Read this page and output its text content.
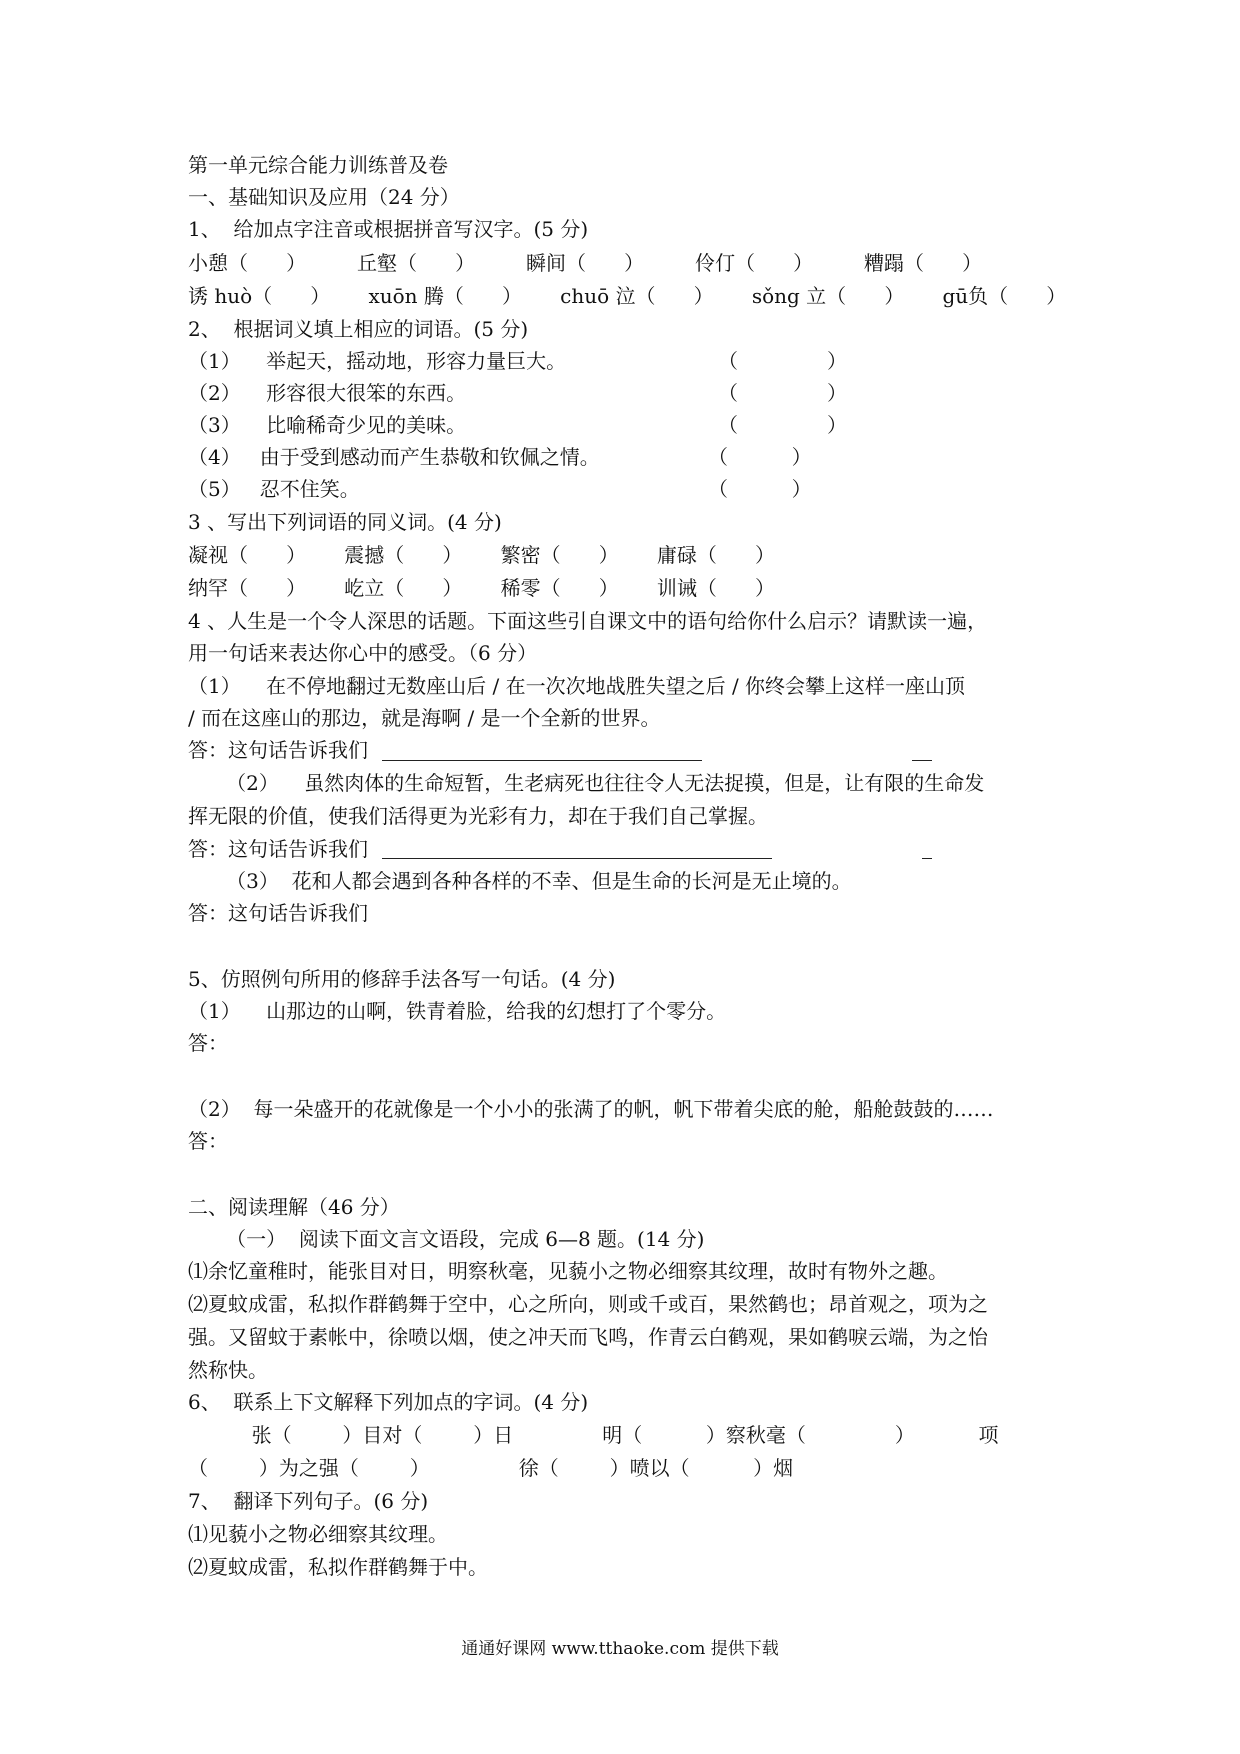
第一单元综合能力训练普及卷
一、基础知识及应用（24 分）
1、  给加点字注音或根据拼音写汉字。(5 分)
小憩（      ）        丘壑（      ）        瞬间（      ）        伶仃（      ）        糟蹋（      ）
诱 huò（      ）      xuōn 腾（      ）      chuō 泣（      ）      sǒng 立（      ）      gū负（      ）
2、  根据词义填上相应的词语。(5 分)
（1）    举起天，摇动地，形容力量巨大。	（              ）
（2）    形容很大很笨的东西。	（              ）
（3）    比喻稀奇少见的美味。	（              ）
（4）   由于受到感动而产生恭敬和钦佩之情。	（          ）
（5）   忍不住笑。	（          ）
3 、写出下列词语的同义词。(4 分)
凝视（      ）      震撼（      ）      繁密（      ）      庸碌（      ）
纳罕（      ）      屹立（      ）      稀零（      ）      训诫（      ）
4 、人生是一个令人深思的话题。下面这些引自课文中的语句给你什么启示？请默读一遍，
用一句话来表达你心中的感受。（6 分）
（1）    在不停地翻过无数座山后 / 在一次次地战胜失望之后 / 你终会攀上这样一座山顶
/ 而在这座山的那边，就是海啊 / 是一个全新的世界。
答：这句话告诉我们
（2）    虽然肉体的生命短暂，生老病死也往往令人无法捉摸，但是，让有限的生命发
挥无限的价值，使我们活得更为光彩有力，却在于我们自己掌握。
答：这句话告诉我们
（3）  花和人都会遇到各种各样的不幸、但是生命的长河是无止境的。
答：这句话告诉我们
5、仿照例句所用的修辞手法各写一句话。(4 分)
（1）    山那边的山啊，铁青着脸，给我的幻想打了个零分。
答：
（2）  每一朵盛开的花就像是一个小小的张满了的帆，帆下带着尖底的舱，船舱鼓鼓的……
答：
二、阅读理解（46 分）
（一）  阅读下面文言文语段，完成 6—8 题。(14 分)
⑴余忆童稚时，能张目对日，明察秋毫，见藐小之物必细察其纹理，故时有物外之趣。
⑵夏蚊成雷，私拟作群鹤舞于空中，心之所向，则或千或百，果然鹤也；昂首观之，项为之
强。又留蚊于素帐中，徐喷以烟，使之冲天而飞鸣，作青云白鹤观，果如鹤唳云端，为之怡
然称快。
6、  联系上下文解释下列加点的字词。(4 分)
张（        ）目对（        ）日              明（          ）察秋毫（              ）          项
（        ）为之强（        ）              徐（        ）喷以（          ）烟
7、  翻译下列句子。(6 分)
⑴见藐小之物必细察其纹理。
⑵夏蚊成雷，私拟作群鹤舞于中。
通通好课网 www.tthaoke.com 提供下载
